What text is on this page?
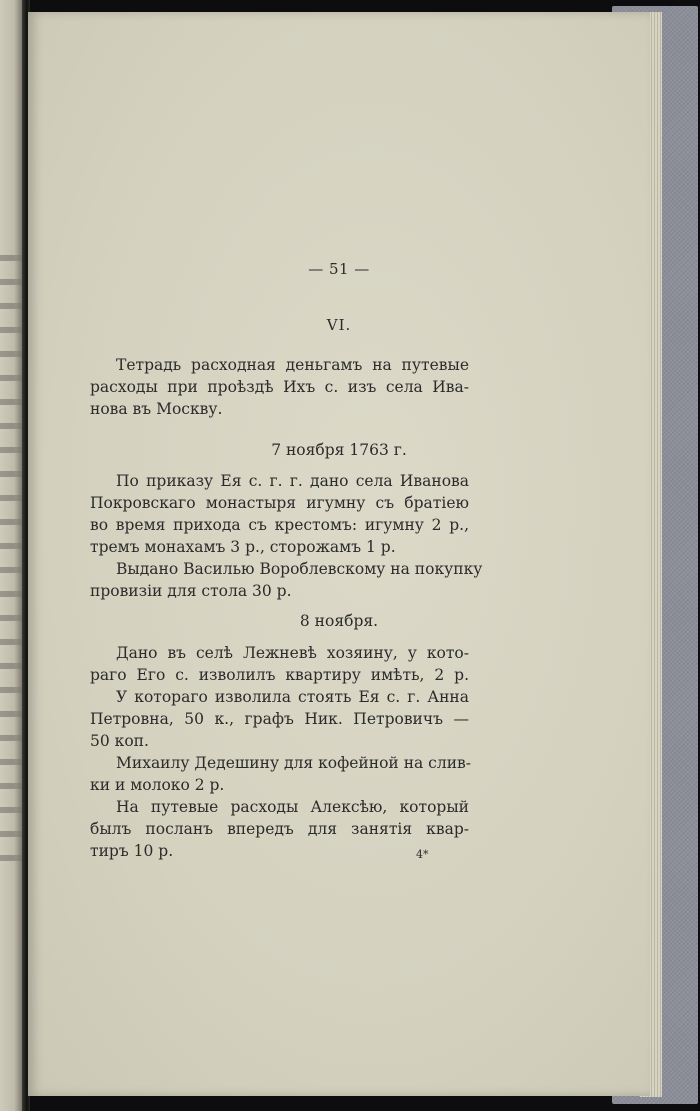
— 51 —
VI.
Тетрадь расходная деньгамъ на путевые
расходы при проѣздѣ Ихъ с. изъ села Ива-
нова въ Москву.
7 ноября 1763 г.
По приказу Ея с. г. г. дано села Иванова
Покровскаго монастыря игумну съ братіею
во время прихода съ крестомъ: игумну 2 р.,
тремъ монахамъ 3 р., сторожамъ 1 р.
Выдано Василью Вороблевскому на покупку
провизіи для стола 30 р.
8 ноября.
Дано въ селѣ Лежневѣ хозяину, у кото-
раго Его с. изволилъ квартиру имѣть, 2 р.
У котораго изволила стоять Ея с. г. Анна
Петровна, 50 к., графъ Ник. Петровичъ —
50 коп.
Михаилу Дедешину для кофейной на слив-
ки и молоко 2 р.
На путевые расходы Алексѣю, который
былъ посланъ впередъ для занятія квар-
тиръ 10 р.	4*
